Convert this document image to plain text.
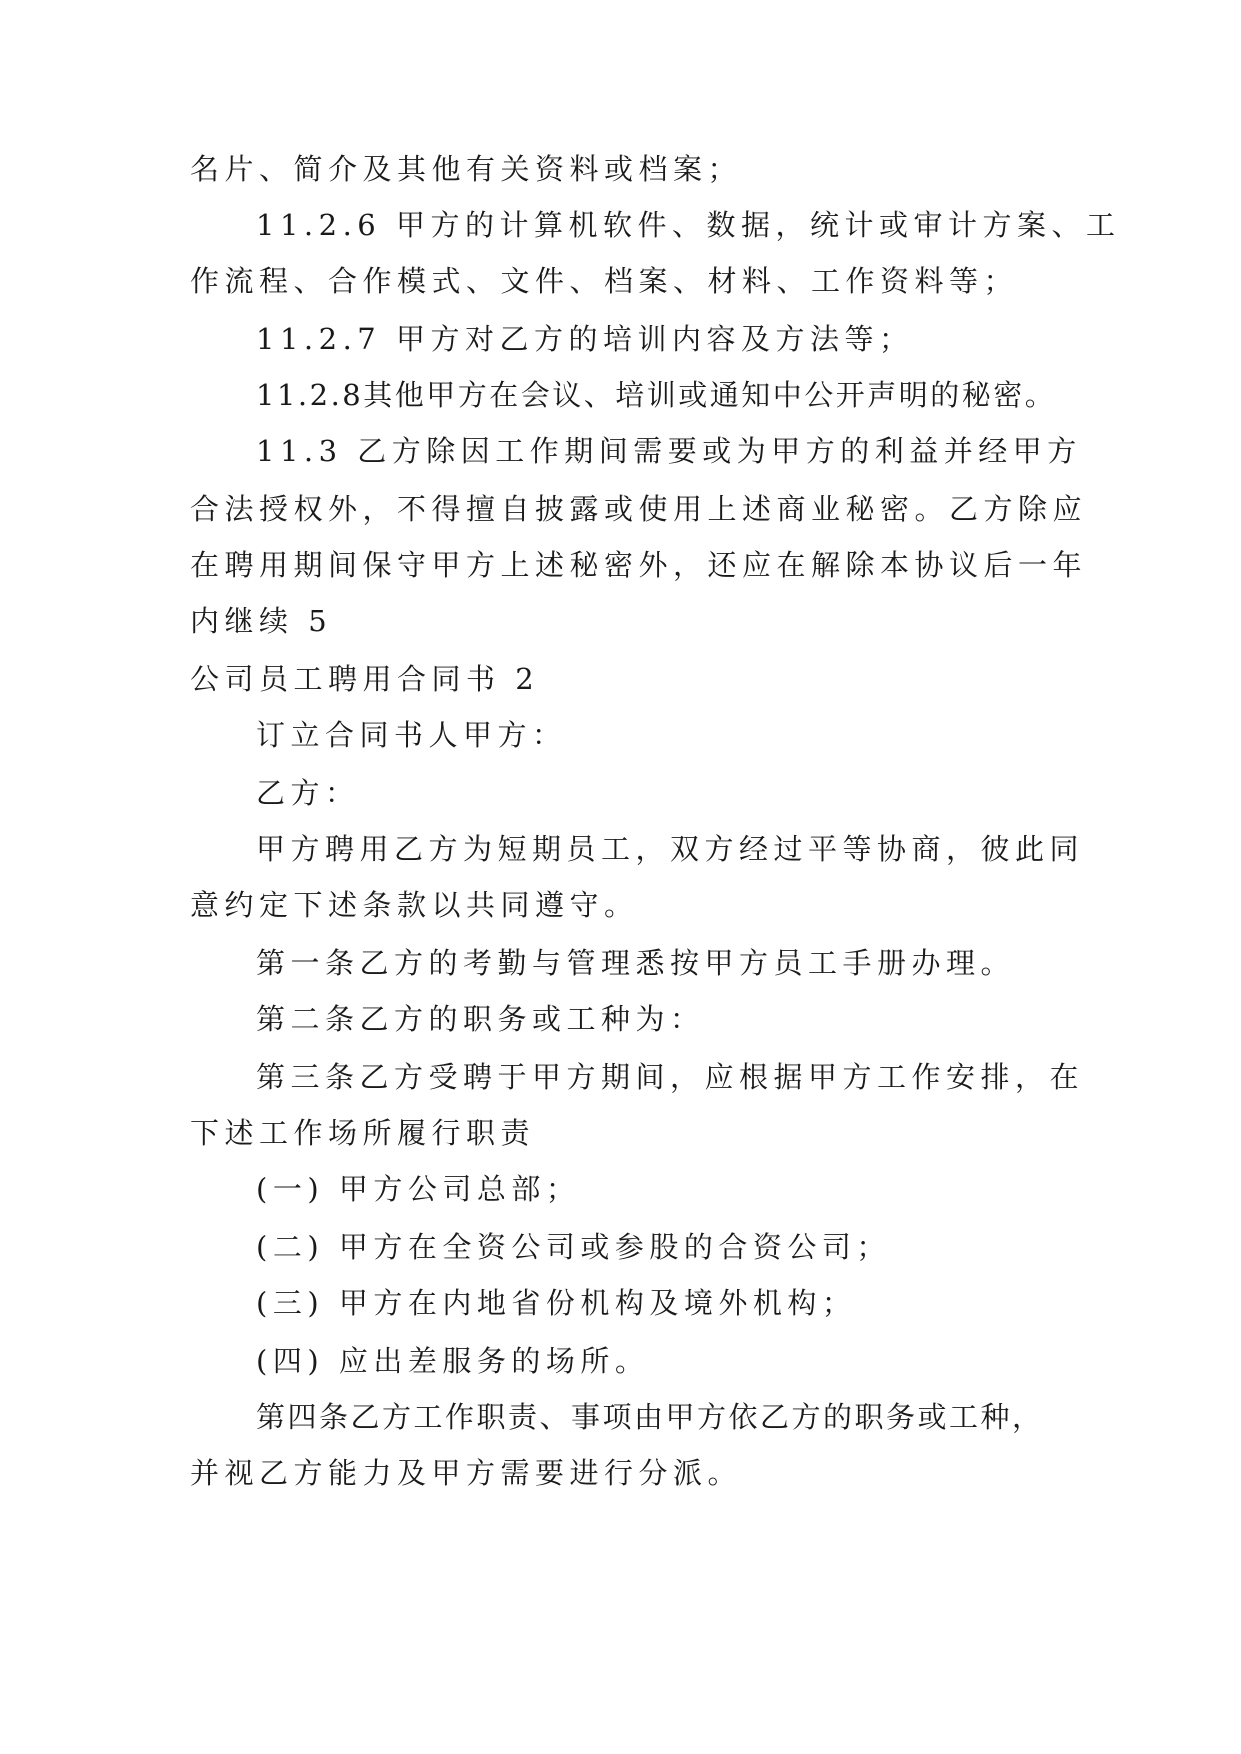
名片、简介及其他有关资料或档案；
11.2.6 甲方的计算机软件、数据，统计或审计方案、工
作流程、合作模式、文件、档案、材料、工作资料等；
11.2.7 甲方对乙方的培训内容及方法等；
11.2.8其他甲方在会议、培训或通知中公开声明的秘密。
11.3 乙方除因工作期间需要或为甲方的利益并经甲方
合法授权外，不得擅自披露或使用上述商业秘密。乙方除应
在聘用期间保守甲方上述秘密外，还应在解除本协议后一年
内继续 5
公司员工聘用合同书 2
订立合同书人甲方：
乙方：
甲方聘用乙方为短期员工，双方经过平等协商，彼此同
意约定下述条款以共同遵守。
第一条乙方的考勤与管理悉按甲方员工手册办理。
第二条乙方的职务或工种为：
第三条乙方受聘于甲方期间，应根据甲方工作安排，在
下述工作场所履行职责
(一) 甲方公司总部；
(二) 甲方在全资公司或参股的合资公司；
(三) 甲方在内地省份机构及境外机构；
(四) 应出差服务的场所。
第四条乙方工作职责、事项由甲方依乙方的职务或工种，
并视乙方能力及甲方需要进行分派。
